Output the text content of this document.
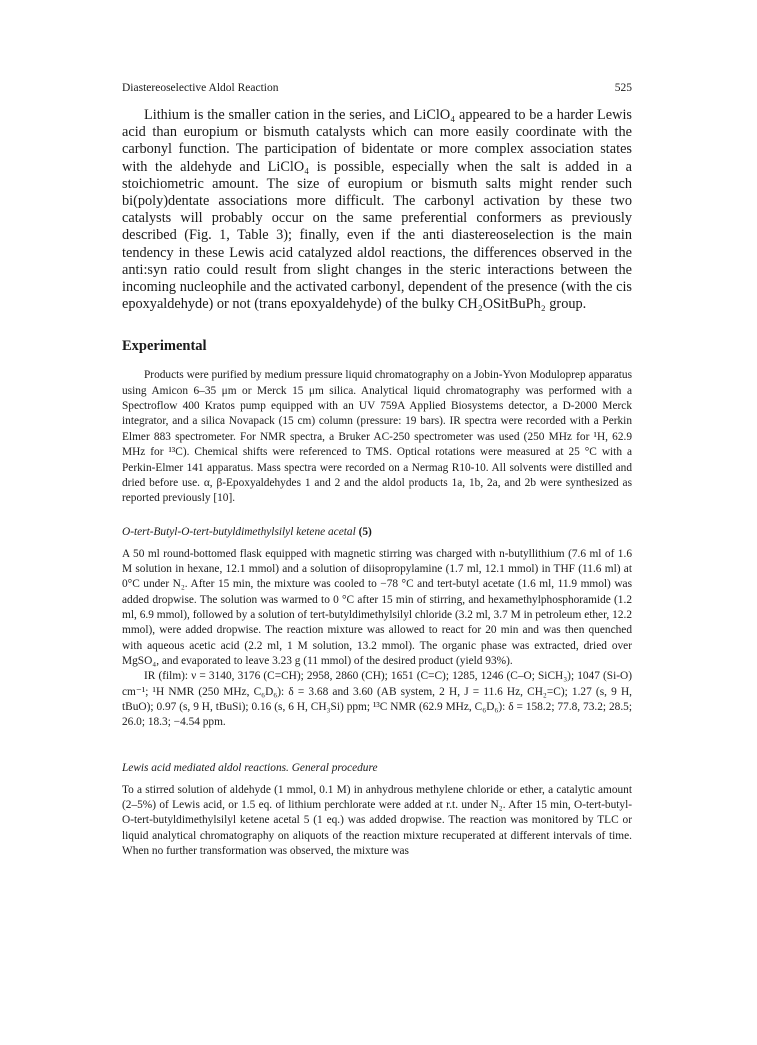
Diastereoselective Aldol Reaction	525

Lithium is the smaller cation in the series, and LiClO₄ appeared to be a harder Lewis acid than europium or bismuth catalysts which can more easily coordinate with the carbonyl function. The participation of bidentate or more complex association states with the aldehyde and LiClO₄ is possible, especially when the salt is added in a stoichiometric amount. The size of europium or bismuth salts might render such bi(poly)dentate associations more difficult. The carbonyl activation by these two catalysts will probably occur on the same preferential conformers as previously described (Fig. 1, Table 3); finally, even if the anti diastereoselection is the main tendency in these Lewis acid catalyzed aldol reactions, the differences observed in the anti:syn ratio could result from slight changes in the steric interactions between the incoming nucleophile and the activated carbonyl, dependent of the presence (with the cis epoxyaldehyde) or not (trans epoxyaldehyde) of the bulky CH₂OSitBuPh₂ group.

Experimental

Products were purified by medium pressure liquid chromatography on a Jobin-Yvon Moduloprep apparatus using Amicon 6–35 μm or Merck 15 μm silica. Analytical liquid chromatography was performed with a Spectroflow 400 Kratos pump equipped with an UV 759A Applied Biosystems detector, a D-2000 Merck integrator, and a silica Novapack (15 cm) column (pressure: 19 bars). IR spectra were recorded with a Perkin Elmer 883 spectrometer. For NMR spectra, a Bruker AC-250 spectrometer was used (250 MHz for ¹H, 62.9 MHz for ¹³C). Chemical shifts were referenced to TMS. Optical rotations were measured at 25 °C with a Perkin-Elmer 141 apparatus. Mass spectra were recorded on a Nermag R10-10. All solvents were distilled and dried before use. α, β-Epoxyaldehydes 1 and 2 and the aldol products 1a, 1b, 2a, and 2b were synthesized as reported previously [10].

O-tert-Butyl-O-tert-butyldimethylsilyl ketene acetal (5)

A 50 ml round-bottomed flask equipped with magnetic stirring was charged with n-butyllithium (7.6 ml of 1.6 M solution in hexane, 12.1 mmol) and a solution of diisopropylamine (1.7 ml, 12.1 mmol) in THF (11.6 ml) at 0°C under N₂. After 15 min, the mixture was cooled to −78 °C and tert-butyl acetate (1.6 ml, 11.9 mmol) was added dropwise. The solution was warmed to 0 °C after 15 min of stirring, and hexamethylphosphoramide (1.2 ml, 6.9 mmol), followed by a solution of tert-butyldimethylsilyl chloride (3.2 ml, 3.7 M in petroleum ether, 12.2 mmol), were added dropwise. The reaction mixture was allowed to react for 20 min and was then quenched with aqueous acetic acid (2.2 ml, 1 M solution, 13.2 mmol). The organic phase was extracted, dried over MgSO₄, and evaporated to leave 3.23 g (11 mmol) of the desired product (yield 93%).

IR (film): ν = 3140, 3176 (C=CH); 2958, 2860 (CH); 1651 (C=C); 1285, 1246 (C–O; SiCH₃); 1047 (Si-O) cm⁻¹; ¹H NMR (250 MHz, C₆D₆): δ = 3.68 and 3.60 (AB system, 2 H, J = 11.6 Hz, CH₂=C); 1.27 (s, 9 H, tBuO); 0.97 (s, 9 H, tBuSi); 0.16 (s, 6 H, CH₃Si) ppm; ¹³C NMR (62.9 MHz, C₆D₆): δ = 158.2; 77.8, 73.2; 28.5; 26.0; 18.3; −4.54 ppm.

Lewis acid mediated aldol reactions. General procedure

To a stirred solution of aldehyde (1 mmol, 0.1 M) in anhydrous methylene chloride or ether, a catalytic amount (2–5%) of Lewis acid, or 1.5 eq. of lithium perchlorate were added at r.t. under N₂. After 15 min, O-tert-butyl-O-tert-butyldimethylsilyl ketene acetal 5 (1 eq.) was added dropwise. The reaction was monitored by TLC or liquid analytical chromatography on aliquots of the reaction mixture recuperated at different intervals of time. When no further transformation was observed, the mixture was
